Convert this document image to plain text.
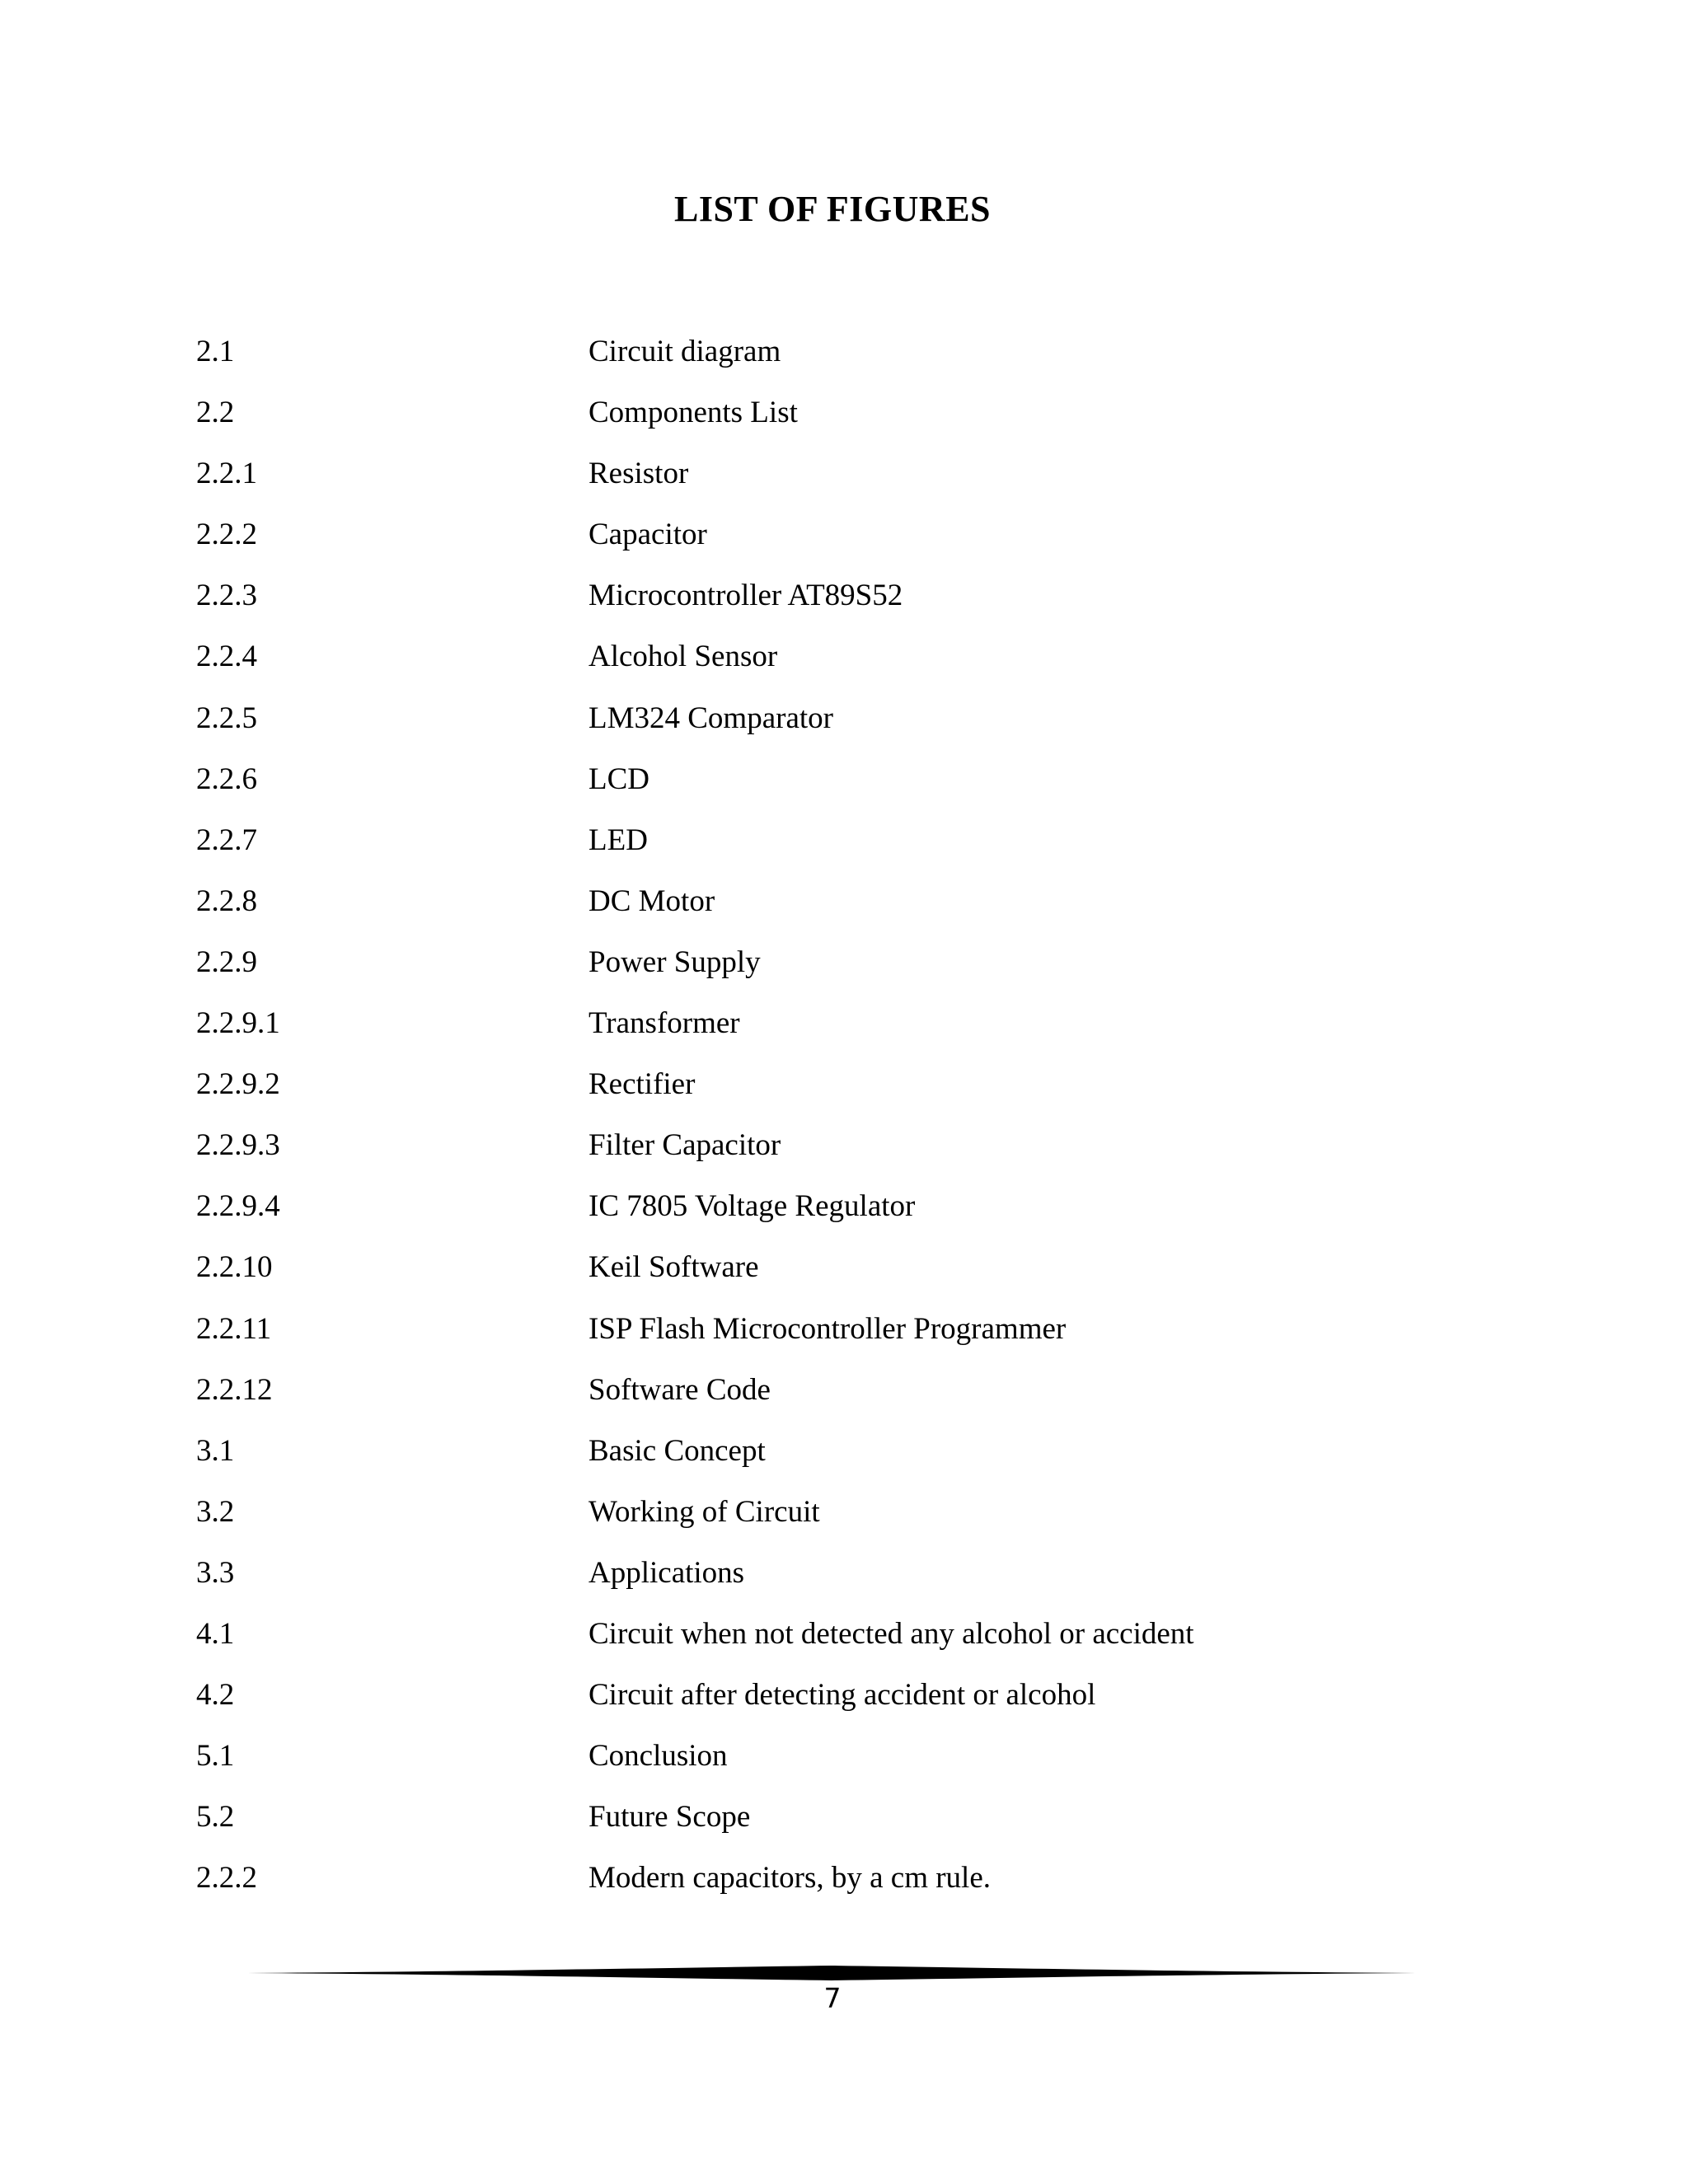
LIST OF FIGURES
2.1	Circuit diagram
2.2	Components List
2.2.1	Resistor
2.2.2	Capacitor
2.2.3	Microcontroller AT89S52
2.2.4	Alcohol Sensor
2.2.5	LM324 Comparator
2.2.6	LCD
2.2.7	LED
2.2.8	DC Motor
2.2.9	Power Supply
2.2.9.1	Transformer
2.2.9.2	Rectifier
2.2.9.3	Filter Capacitor
2.2.9.4	IC 7805 Voltage Regulator
2.2.10	Keil Software
2.2.11	ISP Flash Microcontroller Programmer
2.2.12	Software Code
3.1	Basic Concept
3.2	Working of Circuit
3.3	Applications
4.1	Circuit when not detected any alcohol or accident
4.2	Circuit after detecting accident or alcohol
5.1	Conclusion
5.2	Future Scope
2.2.2	Modern capacitors, by a cm rule.
7
